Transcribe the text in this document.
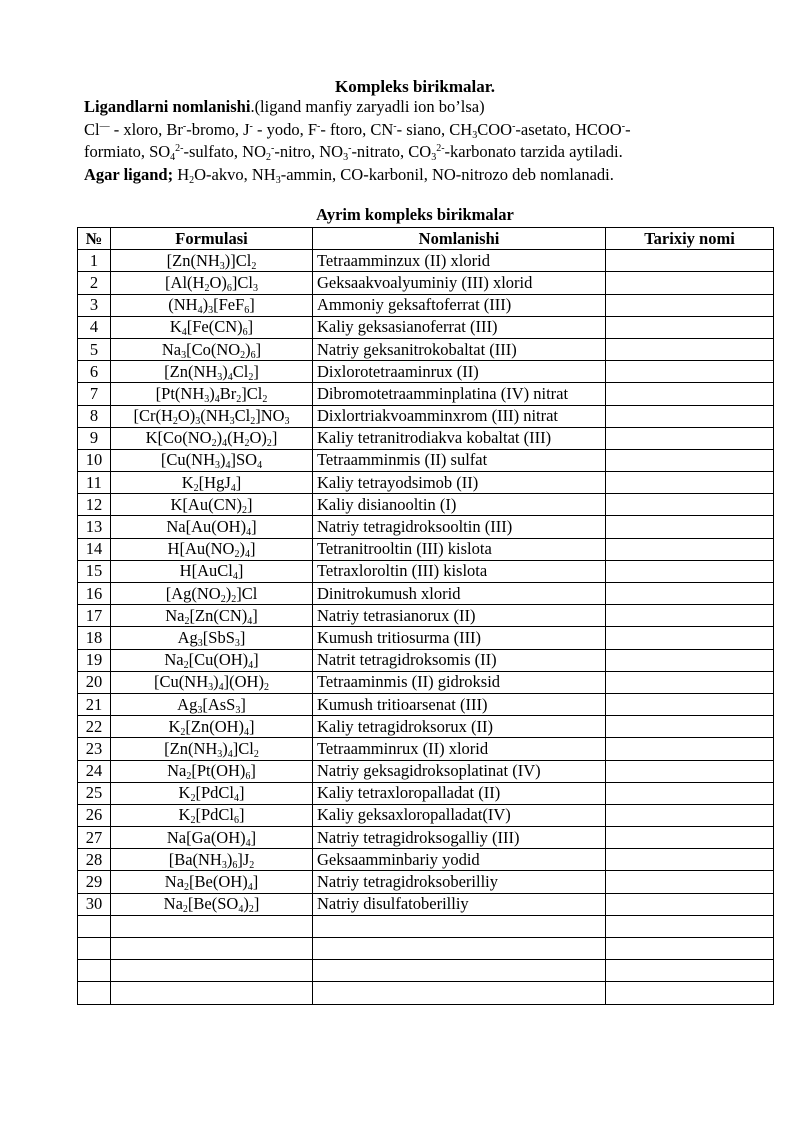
Kompleks birikmalar.
Ligandlarni nomlanishi.(ligand manfiy zaryadli ion bo’lsa)
Cl— - xloro, Br--bromo, J- - yodo, F-- ftoro, CN-- siano, $CH_3COO^-$-asetato, HCOO--
formiato, $SO_4^{2-}$-sulfato, $NO_2^-$-nitro, $NO_3^-$-nitrato, $CO_3^{2-}$-karbonato tarzida aytiladi.
Agar ligand; $H_2O$-akvo, $NH_3$-ammin, CO-karbonil, NO-nitrozo deb nomlanadi.
Ayrim kompleks birikmalar
№	Formulasi	Nomlanishi	Tarixiy nomi
1	$[Zn(NH_3)]Cl_2$	Tetraamminzux (II) xlorid	
2	$[Al(H_2O)_6]Cl_3$	Geksaakvoalyuminiy (III) xlorid	
3	$(NH_4)_3[FeF_6]$	Ammoniy geksaftoferrat (III)	
4	$K_4[Fe(CN)_6]$	Kaliy geksasianoferrat (III)	
5	$Na_3[Co(NO_2)_6]$	Natriy geksanitrokobaltat (III)	
6	$[Zn(NH_3)_4Cl_2]$	Dixlorotetraaminrux (II)	
7	$[Pt(NH_3)_4Br_2]Cl_2$	Dibromotetraamminplatina (IV) nitrat	
8	[$Cr(H_2O)_3(NH_3Cl_2]NO_3$	Dixlortriakvoamminxrom (III) nitrat	
9	$K[Co(NO_2)_4(H_2O)_2]$	Kaliy tetranitrodiakva kobaltat (III)	
10	$[Cu(NH_3)_4]SO_4$	Tetraamminmis (II) sulfat	
11	$K_2[HgJ_4]$	Kaliy tetrayodsimob (II)	
12	$K[Au(CN)_2]$	Kaliy disianooltin (I)	
13	$Na[Au(OH)_4]$	Natriy tetragidroksooltin (III)	
14	$H[Au(NO_2)_4]$	Tetranitrooltin (III) kislota	
15	H[AuCl$_4$]	Tetraxloroltin (III) kislota	
16	$[Ag(NO_2)_2]Cl$	Dinitrokumush xlorid	
17	$Na_2[Zn(CN)_4]$	Natriy tetrasianorux (II)	
18	$Ag_3[SbS_3]$	Kumush tritiosurma (III)	
19	$Na_2[Cu(OH)_4]$	Natrit tetragidroksomis (II)	
20	$[Cu(NH_3)_4](OH)_2$	Tetraaminmis (II) gidroksid	
21	$Ag_3[AsS_3]$	Kumush tritioarsenat (III)	
22	$K_2[Zn(OH)_4]$	Kaliy tetragidroksorux (II)	
23	$[Zn(NH_3)_4]Cl_2$	Tetraamminrux (II) xlorid	
24	$Na_2[Pt(OH)_6]$	Natriy geksagidroksoplatinat (IV)	
25	$K_2[PdCl_4]$	Kaliy tetraxloropalladat (II)	
26	$K_2[PdCl_6]$	Kaliy geksaxloropalladat(IV)	
27	$Na[Ga(OH)_4]$	Natriy tetragidroksogalliy (III)	
28	$[Ba(NH_3)_6]J_2$	Geksaamminbariy yodid	
29	$Na_2[Be(OH)_4]$	Natriy tetragidroksoberilliy	
30	$Na_2[Be(SO_4)_2]$	Natriy disulfatoberilliy	
